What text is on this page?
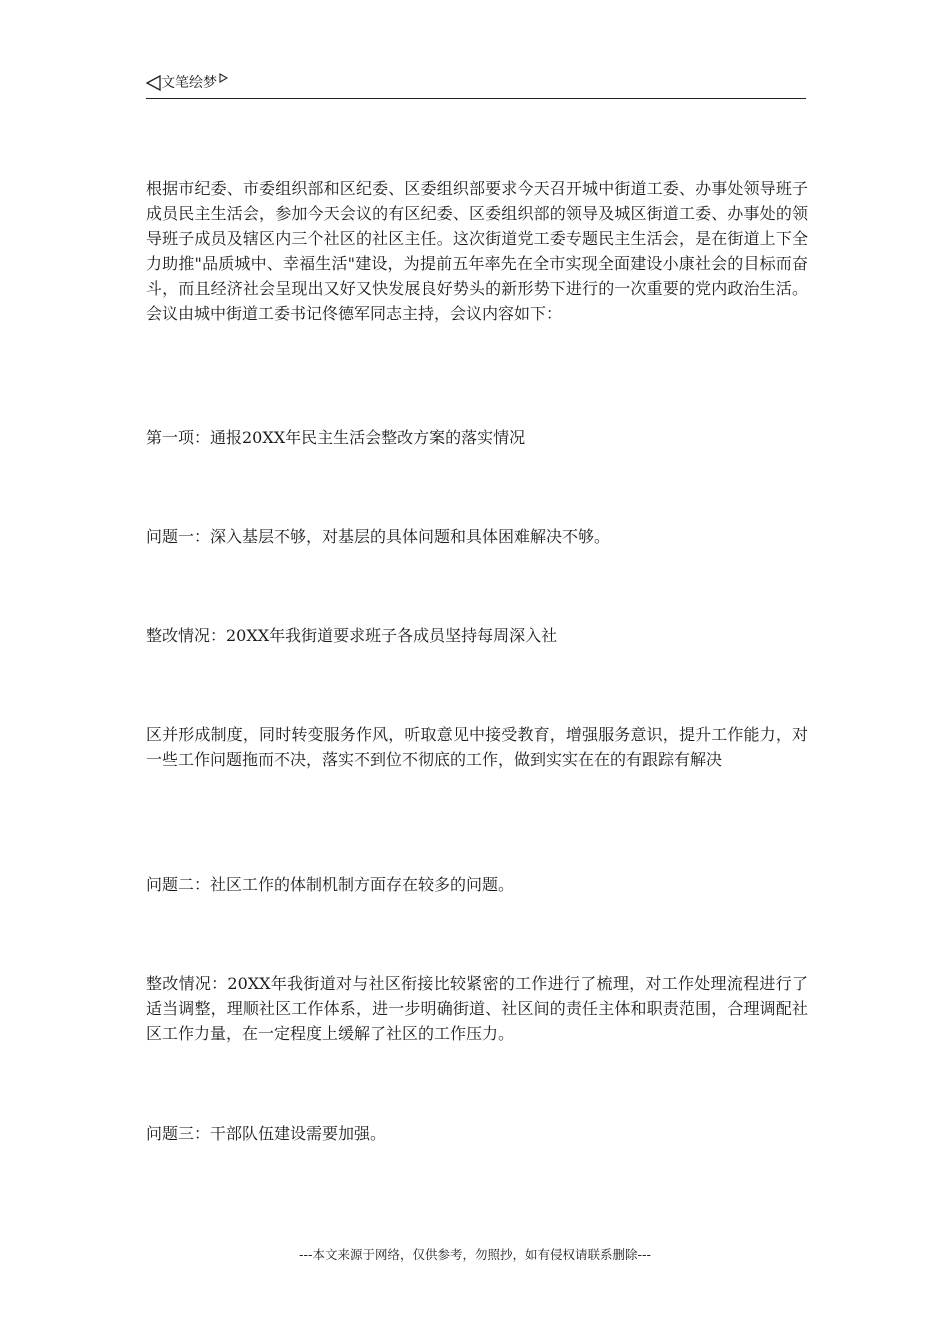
文笔绘梦

根据市纪委、市委组织部和区纪委、区委组织部要求今天召开城中街道工委、办事处领导班子成员民主生活会，参加今天会议的有区纪委、区委组织部的领导及城区街道工委、办事处的领导班子成员及辖区内三个社区的社区主任。这次街道党工委专题民主生活会，是在街道上下全力助推"品质城中、幸福生活"建设，为提前五年率先在全市实现全面建设小康社会的目标而奋斗，而且经济社会呈现出又好又快发展良好势头的新形势下进行的一次重要的党内政治生活。会议由城中街道工委书记佟德军同志主持，会议内容如下：

第一项：通报20XX年民主生活会整改方案的落实情况

问题一：深入基层不够，对基层的具体问题和具体困难解决不够。

整改情况：20XX年我街道要求班子各成员坚持每周深入社

区并形成制度，同时转变服务作风，听取意见中接受教育，增强服务意识，提升工作能力，对一些工作问题拖而不决，落实不到位不彻底的工作，做到实实在在的有跟踪有解决

问题二：社区工作的体制机制方面存在较多的问题。

整改情况：20XX年我街道对与社区衔接比较紧密的工作进行了梳理，对工作处理流程进行了适当调整，理顺社区工作体系，进一步明确街道、社区间的责任主体和职责范围，合理调配社区工作力量，在一定程度上缓解了社区的工作压力。

问题三：干部队伍建设需要加强。

---本文来源于网络，仅供参考，勿照抄，如有侵权请联系删除---
